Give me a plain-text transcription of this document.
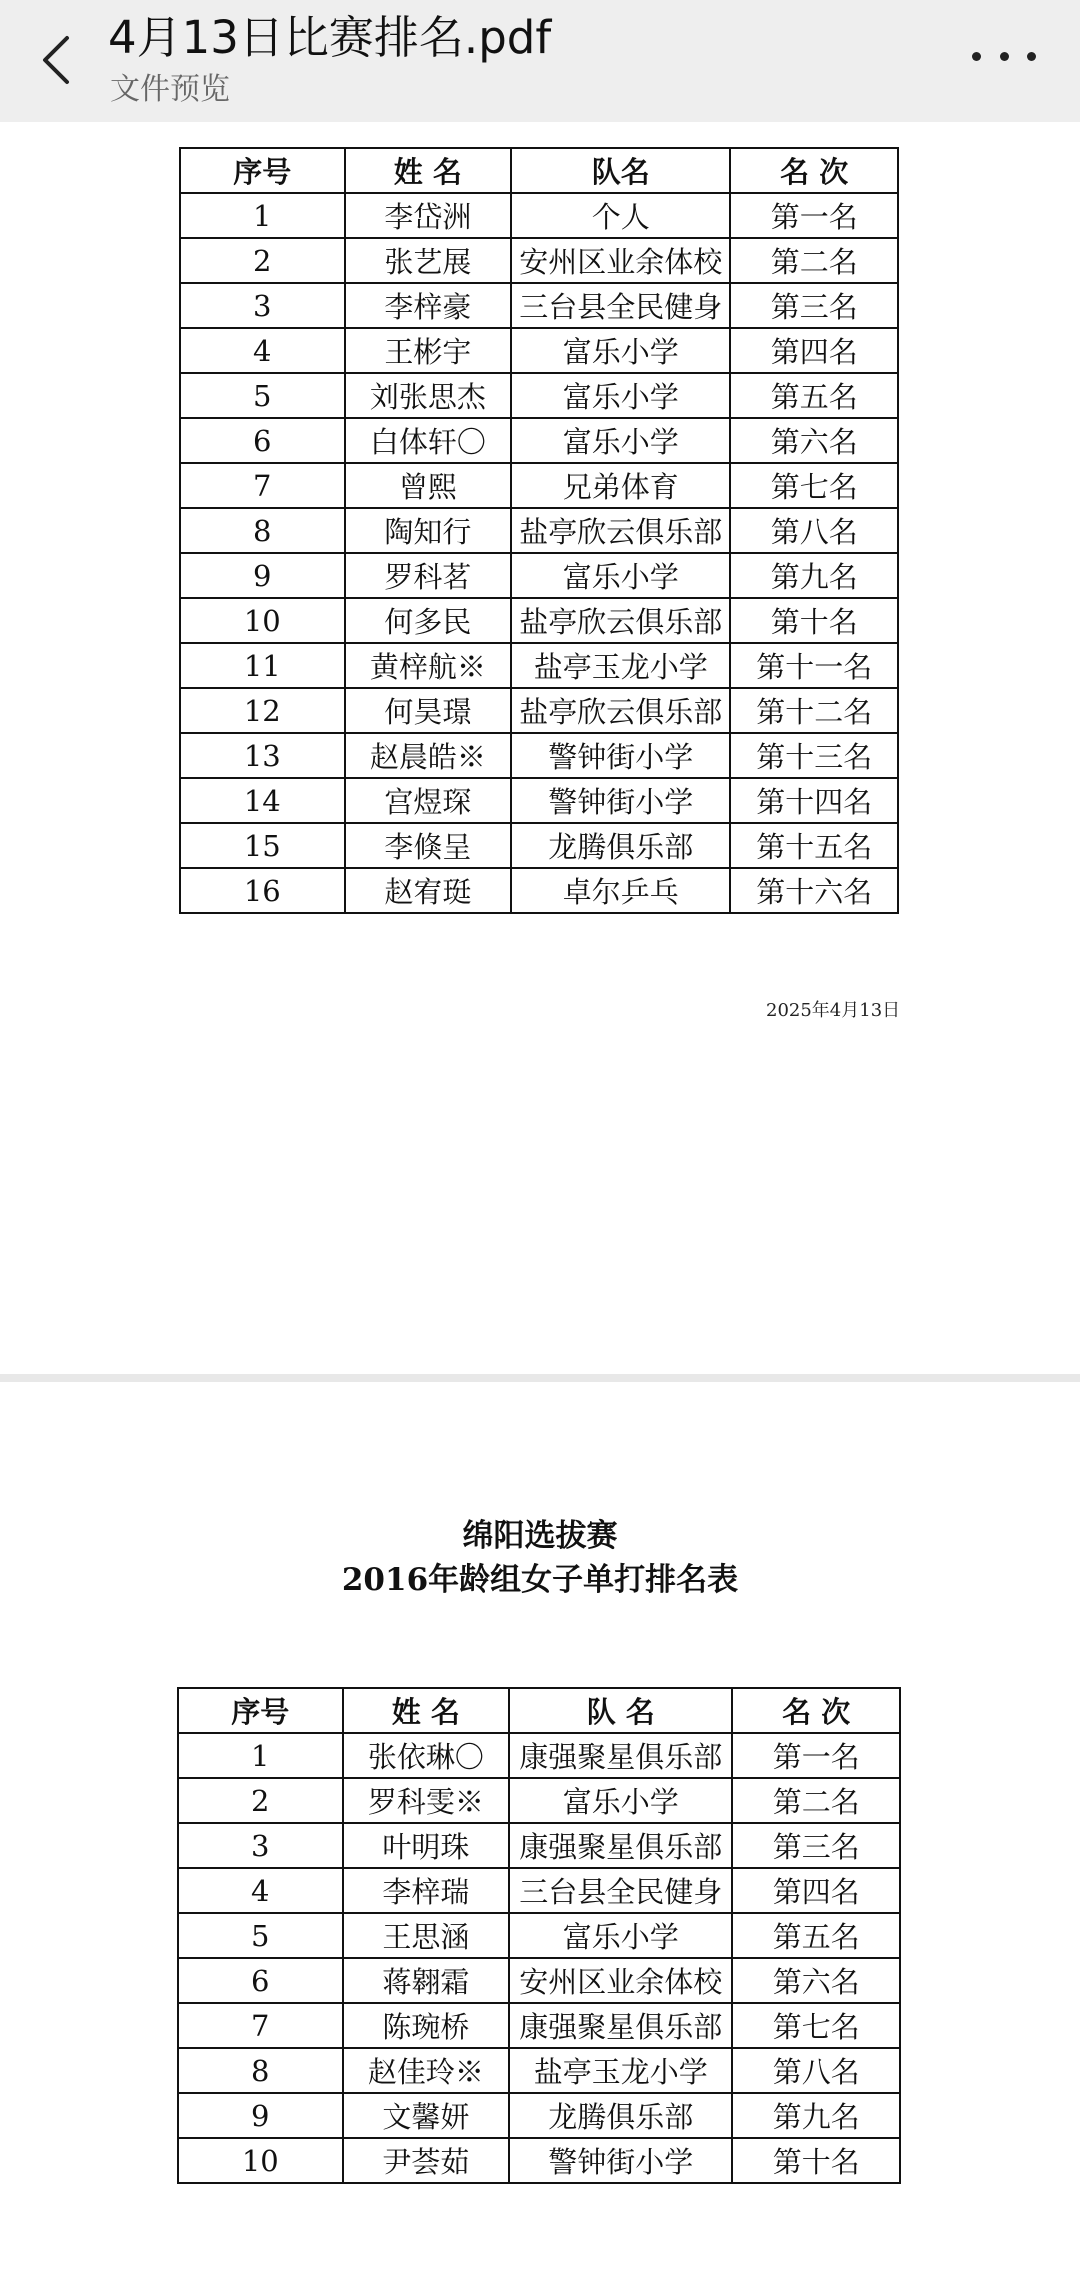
4月13日比赛排名.pdf
文件预览
序号	姓 名	队名	名 次
1	李岱洲	个人	第一名
2	张艺展	安州区业余体校	第二名
3	李梓豪	三台县全民健身	第三名
4	王彬宇	富乐小学	第四名
5	刘张思杰	富乐小学	第五名
6	白体轩〇	富乐小学	第六名
7	曾熙	兄弟体育	第七名
8	陶知行	盐亭欣云俱乐部	第八名
9	罗科茗	富乐小学	第九名
10	何多民	盐亭欣云俱乐部	第十名
11	黄梓航※	盐亭玉龙小学	第十一名
12	何昊璟	盐亭欣云俱乐部	第十二名
13	赵晨皓※	警钟街小学	第十三名
14	宫煜琛	警钟街小学	第十四名
15	李倏呈	龙腾俱乐部	第十五名
16	赵宥珽	卓尔乒乓	第十六名
2025年4月13日
绵阳选拔赛
2016年龄组女子单打排名表
序号	姓 名	队 名	名 次
1	张依琳〇	康强聚星俱乐部	第一名
2	罗科雯※	富乐小学	第二名
3	叶明珠	康强聚星俱乐部	第三名
4	李梓瑞	三台县全民健身	第四名
5	王思涵	富乐小学	第五名
6	蒋翱霜	安州区业余体校	第六名
7	陈琬桥	康强聚星俱乐部	第七名
8	赵佳玲※	盐亭玉龙小学	第八名
9	文馨妍	龙腾俱乐部	第九名
10	尹荟茹	警钟街小学	第十名
